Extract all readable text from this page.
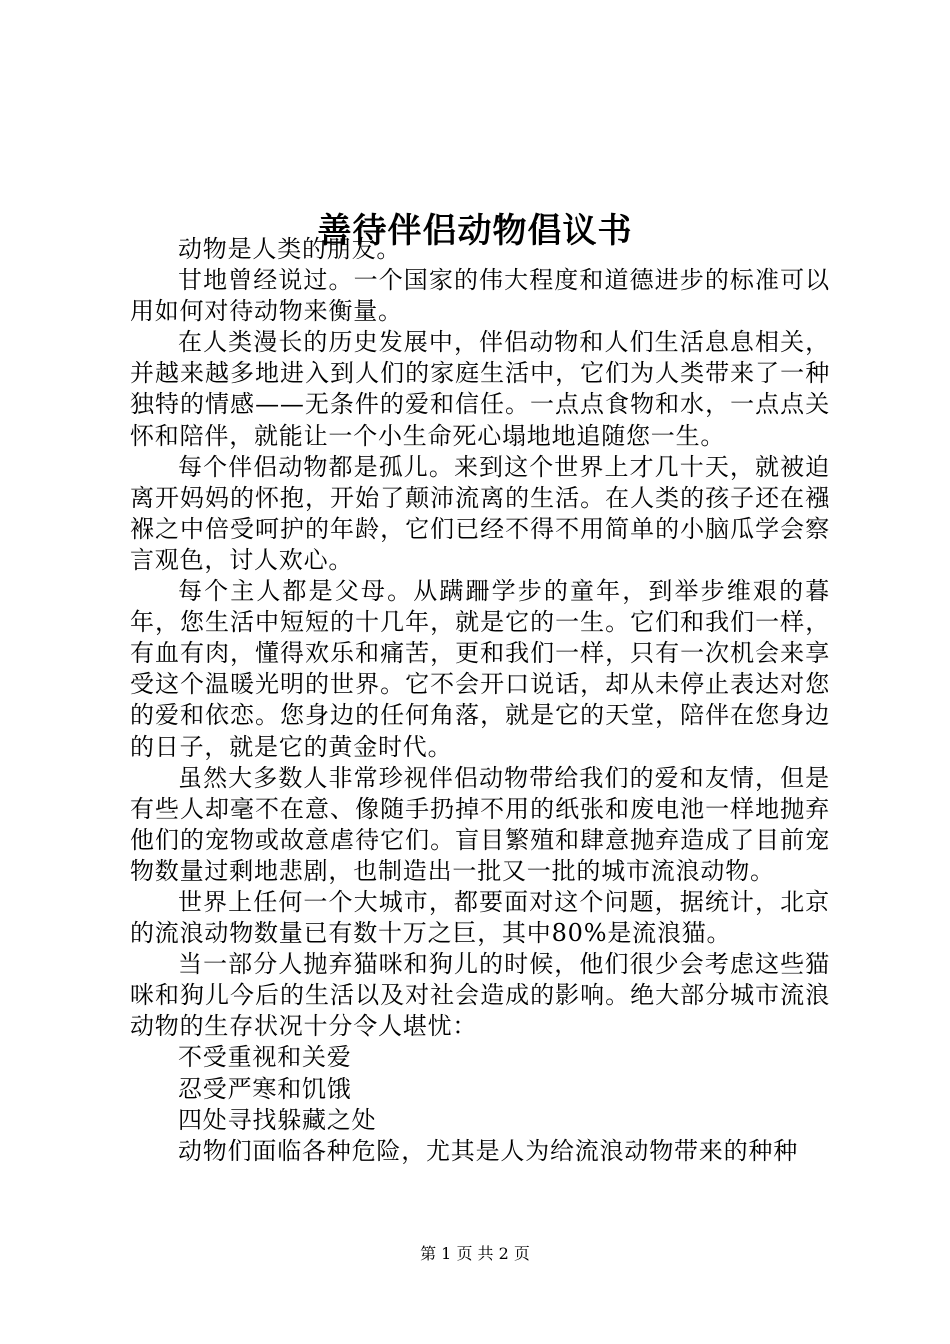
善待伴侣动物倡议书

动物是人类的朋友。

甘地曾经说过。一个国家的伟大程度和道德进步的标准可以用如何对待动物来衡量。

在人类漫长的历史发展中，伴侣动物和人们生活息息相关，并越来越多地进入到人们的家庭生活中，它们为人类带来了一种独特的情感——无条件的爱和信任。一点点食物和水，一点点关怀和陪伴，就能让一个小生命死心塌地地追随您一生。

每个伴侣动物都是孤儿。来到这个世界上才几十天，就被迫离开妈妈的怀抱，开始了颠沛流离的生活。在人类的孩子还在襁褓之中倍受呵护的年龄，它们已经不得不用简单的小脑瓜学会察言观色，讨人欢心。

每个主人都是父母。从蹒跚学步的童年，到举步维艰的暮年，您生活中短短的十几年，就是它的一生。它们和我们一样，有血有肉，懂得欢乐和痛苦，更和我们一样，只有一次机会来享受这个温暖光明的世界。它不会开口说话，却从未停止表达对您的爱和依恋。您身边的任何角落，就是它的天堂，陪伴在您身边的日子，就是它的黄金时代。

虽然大多数人非常珍视伴侣动物带给我们的爱和友情，但是有些人却毫不在意、像随手扔掉不用的纸张和废电池一样地抛弃他们的宠物或故意虐待它们。盲目繁殖和肆意抛弃造成了目前宠物数量过剩地悲剧，也制造出一批又一批的城市流浪动物。

世界上任何一个大城市，都要面对这个问题，据统计，北京的流浪动物数量已有数十万之巨，其中80%是流浪猫。

当一部分人抛弃猫咪和狗儿的时候，他们很少会考虑这些猫咪和狗儿今后的生活以及对社会造成的影响。绝大部分城市流浪动物的生存状况十分令人堪忧：

不受重视和关爱

忍受严寒和饥饿

四处寻找躲藏之处

动物们面临各种危险，尤其是人为给流浪动物带来的种种

第 1 页 共 2 页
